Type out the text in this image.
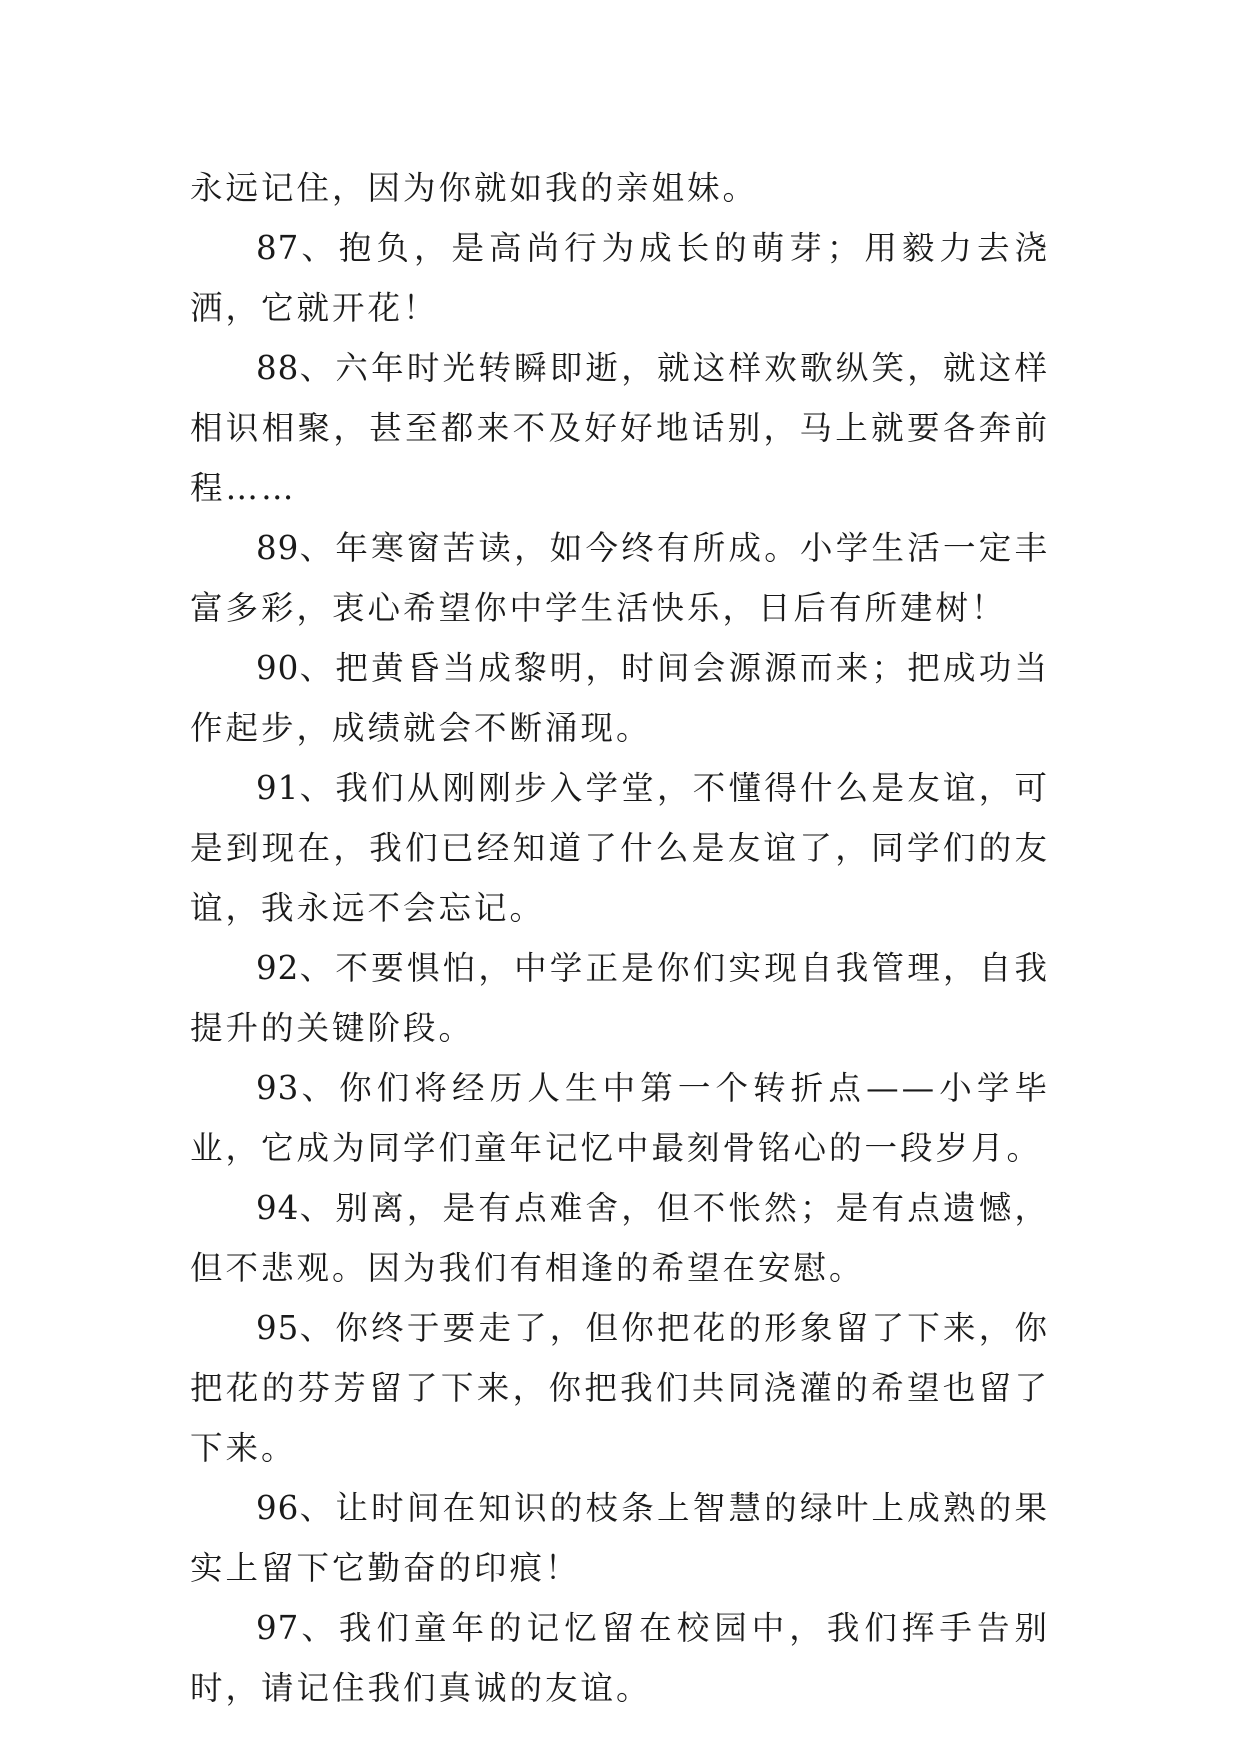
永远记住，因为你就如我的亲姐妹。

87、抱负，是高尚行为成长的萌芽；用毅力去浇洒，它就开花！

88、六年时光转瞬即逝，就这样欢歌纵笑，就这样相识相聚，甚至都来不及好好地话别，马上就要各奔前程……

89、年寒窗苦读，如今终有所成。小学生活一定丰富多彩，衷心希望你中学生活快乐，日后有所建树！

90、把黄昏当成黎明，时间会源源而来；把成功当作起步，成绩就会不断涌现。

91、我们从刚刚步入学堂，不懂得什么是友谊，可是到现在，我们已经知道了什么是友谊了，同学们的友谊，我永远不会忘记。

92、不要惧怕，中学正是你们实现自我管理，自我提升的关键阶段。

93、你们将经历人生中第一个转折点——小学毕业，它成为同学们童年记忆中最刻骨铭心的一段岁月。

94、别离，是有点难舍，但不怅然；是有点遗憾，但不悲观。因为我们有相逢的希望在安慰。

95、你终于要走了，但你把花的形象留了下来，你把花的芬芳留了下来，你把我们共同浇灌的希望也留了下来。

96、让时间在知识的枝条上智慧的绿叶上成熟的果实上留下它勤奋的印痕！

97、我们童年的记忆留在校园中，我们挥手告别时，请记住我们真诚的友谊。
